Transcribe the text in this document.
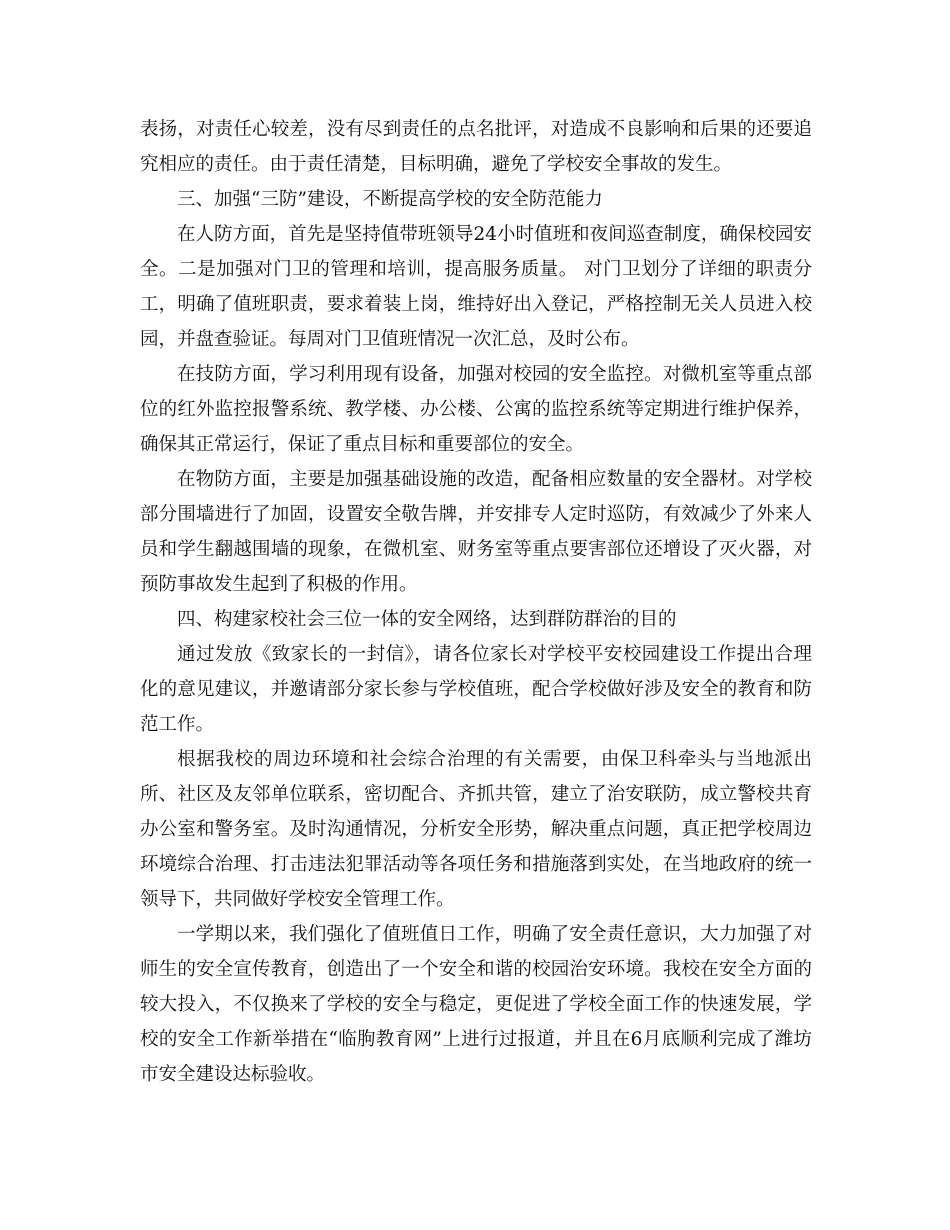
表扬，对责任心较差，没有尽到责任的点名批评，对造成不良影响和后果的还要追究相应的责任。由于责任清楚，目标明确，避免了学校安全事故的发生。

三、加强“三防”建设，不断提高学校的安全防范能力

在人防方面，首先是坚持值带班领导24小时值班和夜间巡查制度，确保校园安全。二是加强对门卫的管理和培训，提高服务质量。 对门卫划分了详细的职责分工，明确了值班职责，要求着装上岗，维持好出入登记，严格控制无关人员进入校园，并盘查验证。每周对门卫值班情况一次汇总，及时公布。

在技防方面，学习利用现有设备，加强对校园的安全监控。对微机室等重点部位的红外监控报警系统、教学楼、办公楼、公寓的监控系统等定期进行维护保养，确保其正常运行，保证了重点目标和重要部位的安全。

在物防方面，主要是加强基础设施的改造，配备相应数量的安全器材。对学校部分围墙进行了加固，设置安全敬告牌，并安排专人定时巡防，有效减少了外来人员和学生翻越围墙的现象，在微机室、财务室等重点要害部位还增设了灭火器，对预防事故发生起到了积极的作用。

四、构建家校社会三位一体的安全网络，达到群防群治的目的

通过发放《致家长的一封信》，请各位家长对学校平安校园建设工作提出合理化的意见建议，并邀请部分家长参与学校值班，配合学校做好涉及安全的教育和防范工作。

根据我校的周边环境和社会综合治理的有关需要，由保卫科牵头与当地派出所、社区及友邻单位联系，密切配合、齐抓共管，建立了治安联防，成立警校共育办公室和警务室。及时沟通情况，分析安全形势，解决重点问题，真正把学校周边环境综合治理、打击违法犯罪活动等各项任务和措施落到实处，在当地政府的统一领导下，共同做好学校安全管理工作。

一学期以来，我们强化了值班值日工作，明确了安全责任意识，大力加强了对师生的安全宣传教育，创造出了一个安全和谐的校园治安环境。我校在安全方面的较大投入，不仅换来了学校的安全与稳定，更促进了学校全面工作的快速发展，学校的安全工作新举措在“临朐教育网”上进行过报道，并且在6月底顺利完成了潍坊市安全建设达标验收。
